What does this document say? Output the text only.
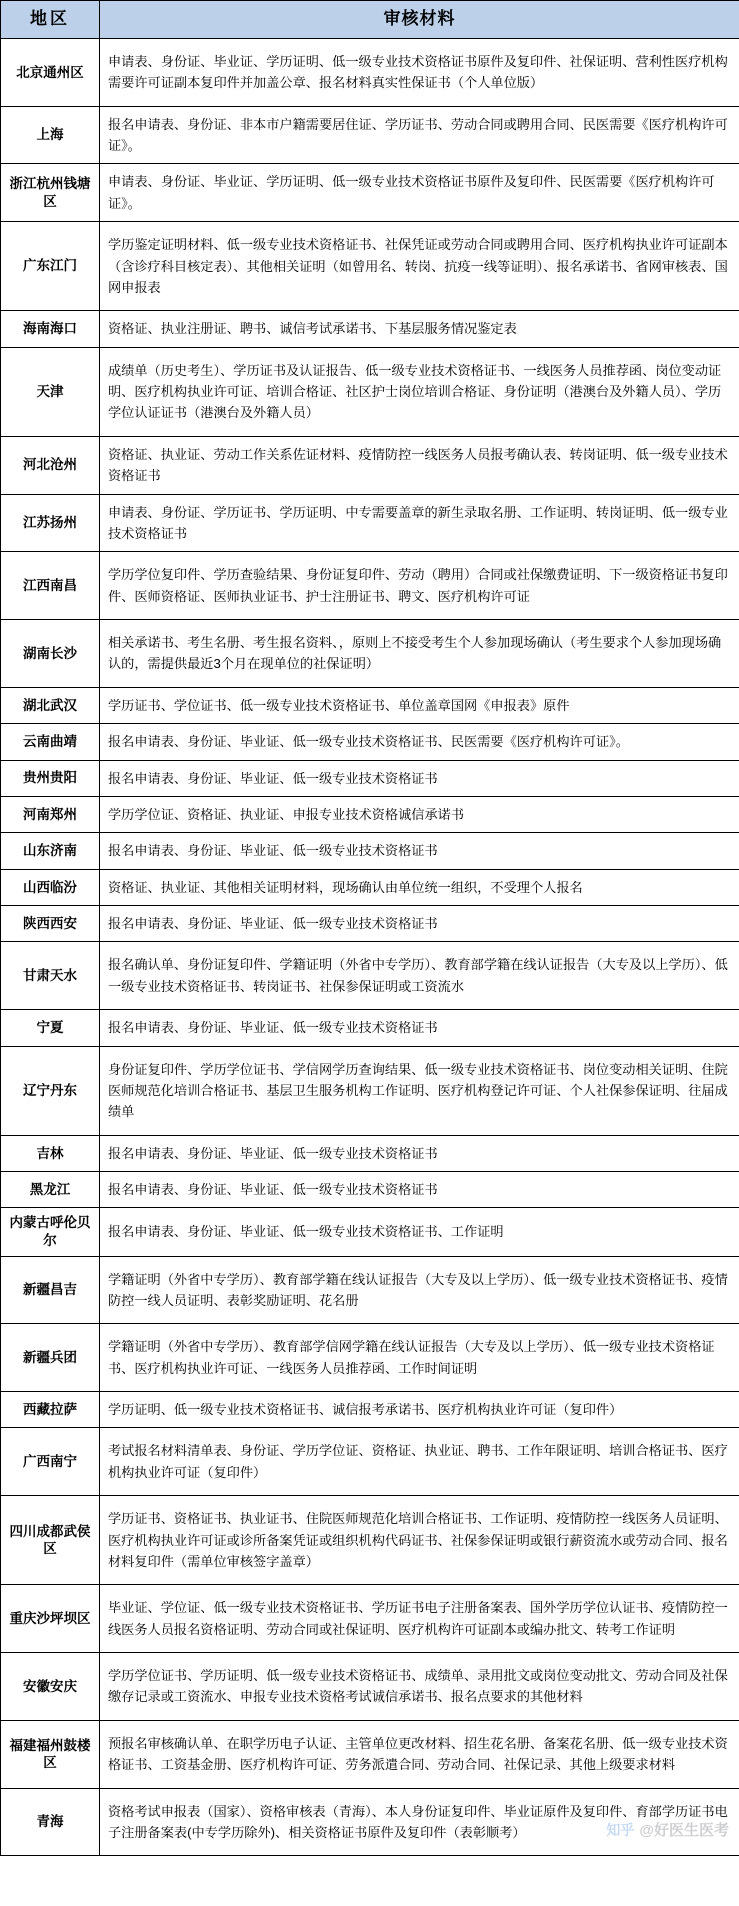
地区	审核材料
北京通州区	申请表、身份证、毕业证、学历证明、低一级专业技术资格证书原件及复印件、社保证明、营利性医疗机构需要许可证副本复印件并加盖公章、报名材料真实性保证书（个人单位版）
上海	报名申请表、身份证、非本市户籍需要居住证、学历证书、劳动合同或聘用合同、民医需要《医疗机构许可证》。
浙江杭州钱塘区	申请表、身份证、毕业证、学历证明、低一级专业技术资格证书原件及复印件、民医需要《医疗机构许可证》。
广东江门	学历鉴定证明材料、低一级专业技术资格证书、社保凭证或劳动合同或聘用合同、医疗机构执业许可证副本（含诊疗科目核定表）、其他相关证明（如曾用名、转岗、抗疫一线等证明）、报名承诺书、省网审核表、国网申报表
海南海口	资格证、执业注册证、聘书、诚信考试承诺书、下基层服务情况鉴定表
天津	成绩单（历史考生）、学历证书及认证报告、低一级专业技术资格证书、一线医务人员推荐函、岗位变动证明、医疗机构执业许可证、培训合格证、社区护士岗位培训合格证、身份证明（港澳台及外籍人员）、学历学位认证证书（港澳台及外籍人员）
河北沧州	资格证、执业证、劳动工作关系佐证材料、疫情防控一线医务人员报考确认表、转岗证明、低一级专业技术资格证书
江苏扬州	申请表、身份证、学历证书、学历证明、中专需要盖章的新生录取名册、工作证明、转岗证明、低一级专业技术资格证书
江西南昌	学历学位复印件、学历查验结果、身份证复印件、劳动（聘用）合同或社保缴费证明、下一级资格证书复印件、医师资格证、医师执业证书、护士注册证书、聘文、医疗机构许可证
湖南长沙	相关承诺书、考生名册、考生报名资料、，原则上不接受考生个人参加现场确认（考生要求个人参加现场确认的，需提供最近3个月在现单位的社保证明）
湖北武汉	学历证书、学位证书、低一级专业技术资格证书、单位盖章国网《申报表》原件
云南曲靖	报名申请表、身份证、毕业证、低一级专业技术资格证书、民医需要《医疗机构许可证》。
贵州贵阳	报名申请表、身份证、毕业证、低一级专业技术资格证书
河南郑州	学历学位证、资格证、执业证、申报专业技术资格诚信承诺书
山东济南	报名申请表、身份证、毕业证、低一级专业技术资格证书
山西临汾	资格证、执业证、其他相关证明材料，现场确认由单位统一组织，不受理个人报名
陕西西安	报名申请表、身份证、毕业证、低一级专业技术资格证书
甘肃天水	报名确认单、身份证复印件、学籍证明（外省中专学历）、教育部学籍在线认证报告（大专及以上学历）、低一级专业技术资格证书、转岗证书、社保参保证明或工资流水
宁夏	报名申请表、身份证、毕业证、低一级专业技术资格证书
辽宁丹东	身份证复印件、学历学位证书、学信网学历查询结果、低一级专业技术资格证书、岗位变动相关证明、住院医师规范化培训合格证书、基层卫生服务机构工作证明、医疗机构登记许可证、个人社保参保证明、往届成绩单
吉林	报名申请表、身份证、毕业证、低一级专业技术资格证书
黑龙江	报名申请表、身份证、毕业证、低一级专业技术资格证书
内蒙古呼伦贝尔	报名申请表、身份证、毕业证、低一级专业技术资格证书、工作证明
新疆昌吉	学籍证明（外省中专学历）、教育部学籍在线认证报告（大专及以上学历）、低一级专业技术资格证书、疫情防控一线人员证明、表彰奖励证明、花名册
新疆兵团	学籍证明（外省中专学历）、教育部学信网学籍在线认证报告（大专及以上学历）、低一级专业技术资格证书、医疗机构执业许可证、一线医务人员推荐函、工作时间证明
西藏拉萨	学历证明、低一级专业技术资格证书、诚信报考承诺书、医疗机构执业许可证（复印件）
广西南宁	考试报名材料清单表、身份证、学历学位证、资格证、执业证、聘书、工作年限证明、培训合格证书、医疗机构执业许可证（复印件）
四川成都武侯区	学历证书、资格证书、执业证书、住院医师规范化培训合格证书、工作证明、疫情防控一线医务人员证明、医疗机构执业许可证或诊所备案凭证或组织机构代码证书、社保参保证明或银行薪资流水或劳动合同、报名材料复印件（需单位审核签字盖章）
重庆沙坪坝区	毕业证、学位证、低一级专业技术资格证书、学历证书电子注册备案表、国外学历学位认证书、疫情防控一线医务人员报名资格证明、劳动合同或社保证明、医疗机构许可证副本或编办批文、转考工作证明
安徽安庆	学历学位证书、学历证明、低一级专业技术资格证书、成绩单、录用批文或岗位变动批文、劳动合同及社保缴存记录或工资流水、申报专业技术资格考试诚信承诺书、报名点要求的其他材料
福建福州鼓楼区	预报名审核确认单、在职学历电子认证、主管单位更改材料、招生花名册、备案花名册、低一级专业技术资格证书、工资基金册、医疗机构许可证、劳务派遣合同、劳动合同、社保记录、其他上级要求材料
青海	资格考试申报表（国家）、资格审核表（青海）、本人身份证复印件、毕业证原件及复印件、育部学历证书电子注册备案表(中专学历除外)、相关资格证书原件及复印件（表彰顺考）	知乎 @好医生医考
